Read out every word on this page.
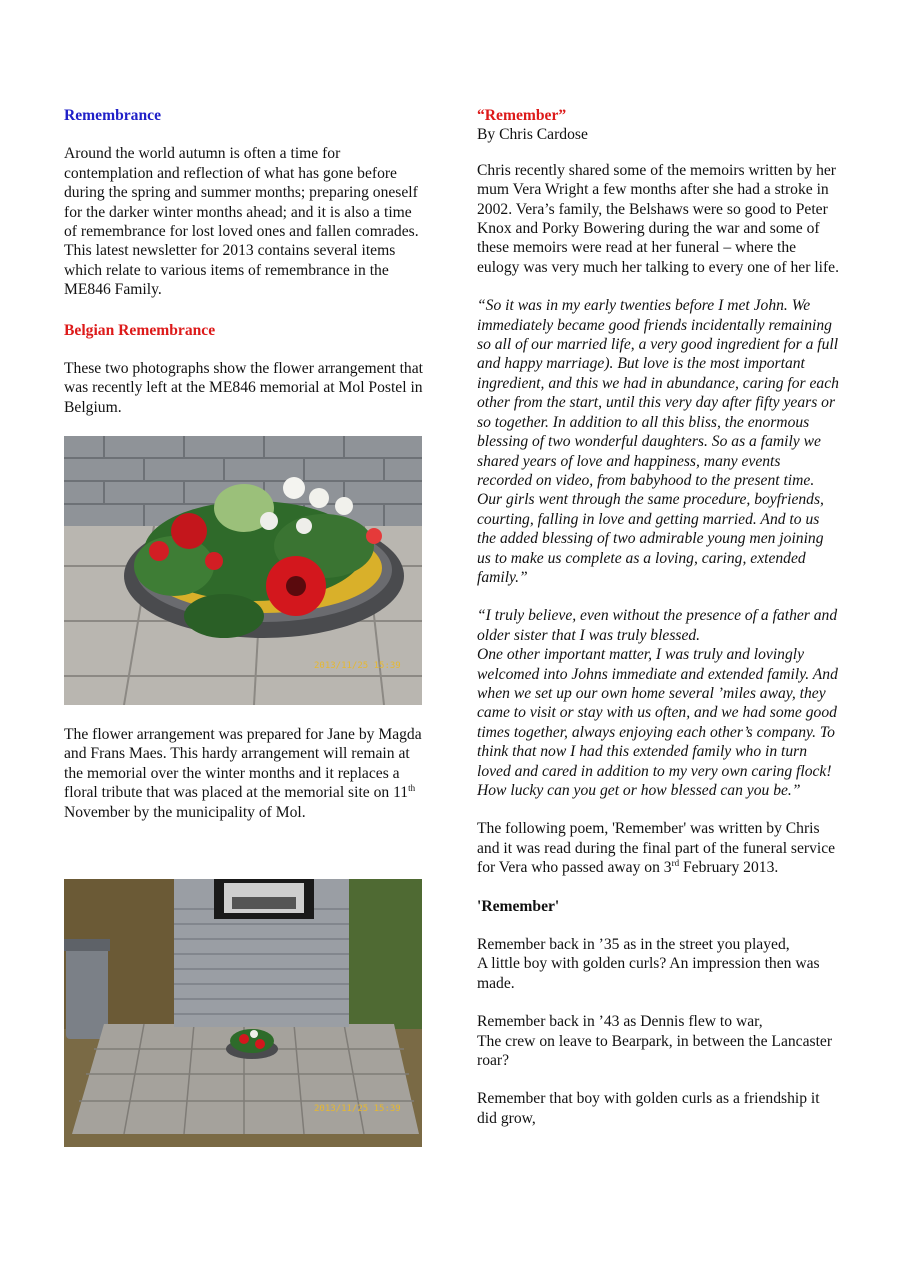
Remembrance

Around the world autumn is often a time for contemplation and reflection of what has gone before during the spring and summer months; preparing oneself for the darker winter months ahead; and it is also a time of remembrance for lost loved ones and fallen comrades. This latest newsletter for 2013 contains several items which relate to various items of remembrance in the ME846 Family.

Belgian Remembrance

These two photographs show the flower arrangement that was recently left at the ME846 memorial at Mol Postel in Belgium.

2013/11/25 15:39

The flower arrangement was prepared for Jane by Magda and Frans Maes. This hardy arrangement will remain at the memorial over the winter months and it replaces a floral tribute that was placed at the memorial site on 11th November by the municipality of Mol.

2013/11/25 15:39

“Remember”

By Chris Cardose

Chris recently shared some of the memoirs written by her mum Vera Wright a few months after she had a stroke in 2002. Vera’s family, the Belshaws were so good to Peter Knox and Porky Bowering during the war and some of these memoirs were read at her funeral – where the eulogy was very much her talking to every one of her life.

“So it was in my early twenties before I met John. We immediately became good friends incidentally remaining so all of our married life, a very good ingredient for a full and happy marriage). But love is the most important ingredient, and this we had in abundance, caring for each other from the start, until this very day after fifty years or so together. In addition to all this bliss, the enormous blessing of two wonderful daughters. So as a family we shared years of love and happiness, many events recorded on video, from babyhood to the present time. Our girls went through the same procedure, boyfriends, courting, falling in love and getting married. And to us the added blessing of two admirable young men joining us to make us complete as a loving, caring, extended family.”

“I truly believe, even without the presence of a father and older sister that I was truly blessed.

One other important matter, I was truly and lovingly welcomed into Johns immediate and extended family. And when we set up our own home several ’miles away, they came to visit or stay with us often, and we had some good times together, always enjoying each other’s company. To think that now I had this extended family who in turn loved and cared in addition to my very own caring flock! How lucky can you get or how blessed can you be.”

The following poem, 'Remember' was written by Chris and it was read during the final part of the funeral service for Vera who passed away on 3rd February 2013.

'Remember'

Remember back in ’35 as in the street you played,

A little boy with golden curls? An impression then was made.

Remember back in ’43 as Dennis flew to war,

The crew on leave to Bearpark, in between the Lancaster roar?

Remember that boy with golden curls as a friendship it did grow,
